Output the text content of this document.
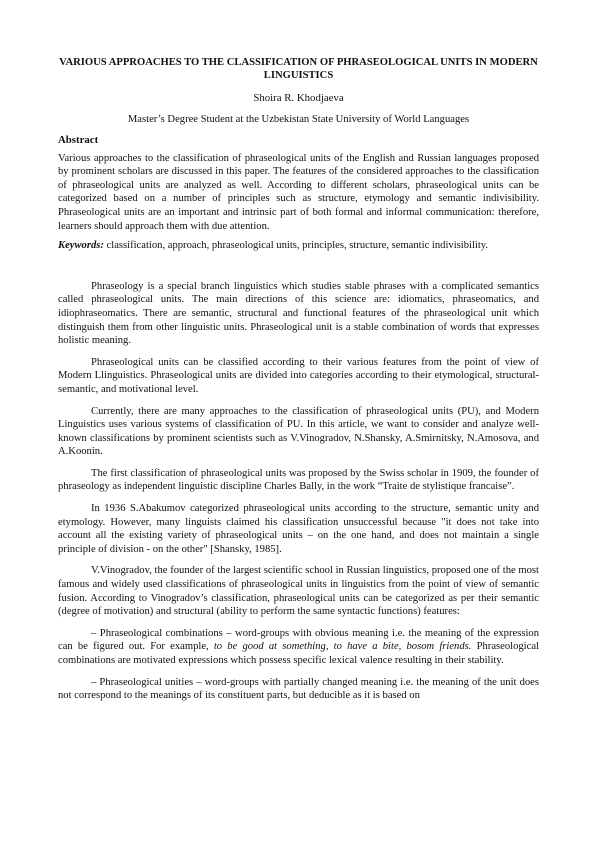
VARIOUS APPROACHES TO THE CLASSIFICATION OF PHRASEOLOGICAL UNITS IN MODERN LINGUISTICS

Shoira R. Khodjaeva

Master’s Degree Student at the Uzbekistan State University of World Languages

Abstract

Various approaches to the classification of phraseological units of the English and Russian languages proposed by prominent scholars are discussed in this paper. The features of the considered approaches to the classification of phraseological units are analyzed as well. According to different scholars, phraseological units can be categorized based on a number of principles such as structure, etymology and semantic indivisibility. Phraseological units are an important and intrinsic part of both formal and informal communication: therefore, learners should approach them with due attention.

Keywords: classification, approach, phraseological units, principles, structure, semantic indivisibility.

Phraseology is a special branch linguistics which studies stable phrases with a complicated semantics called phraseological units. The main directions of this science are: idiomatics, phraseomatics, and idiophraseomatics. There are semantic, structural and functional features of the phraseological unit which distinguish them from other linguistic units. Phraseological unit is a stable combination of words that expresses holistic meaning.

Phraseological units can be classified according to their various features from the point of view of Modern Llinguistics. Phraseological units are divided into categories according to their etymological, structural-semantic, and motivational level.

Currently, there are many approaches to the classification of phraseological units (PU), and Modern Linguistics uses various systems of classification of PU. In this article, we want to consider and analyze well-known classifications by prominent scientists such as V.Vinogradov, N.Shansky, A.Smirnitsky, N.Amosova, and A.Koonin.

The first classification of phraseological units was proposed by the Swiss scholar in 1909, the founder of phraseology as independent linguistic discipline Charles Bally, in the work “Traite de stylistique francaise”.

In 1936 S.Abakumov categorized phraseological units according to the structure, semantic unity and etymology. However, many linguists claimed his classification unsuccessful because "it does not take into account all the existing variety of phraseological units – on the one hand, and does not maintain a single principle of division - on the other" [Shansky, 1985].

V.Vinogradov, the founder of the largest scientific school in Russian linguistics, proposed one of the most famous and widely used classifications of phraseological units in linguistics from the point of view of semantic fusion. According to Vinogradov’s classification, phraseological units can be categorized as per their semantic (degree of motivation) and structural (ability to perform the same syntactic functions) features:

– Phraseological combinations – word-groups with obvious meaning i.e. the meaning of the expression can be figured out. For example, to be good at something, to have a bite, bosom friends. Phraseological combinations are motivated expressions which possess specific lexical valence resulting in their stability.

– Phraseological unities – word-groups with partially changed meaning i.e. the meaning of the unit does not correspond to the meanings of its constituent parts, but deducible as it is based on
